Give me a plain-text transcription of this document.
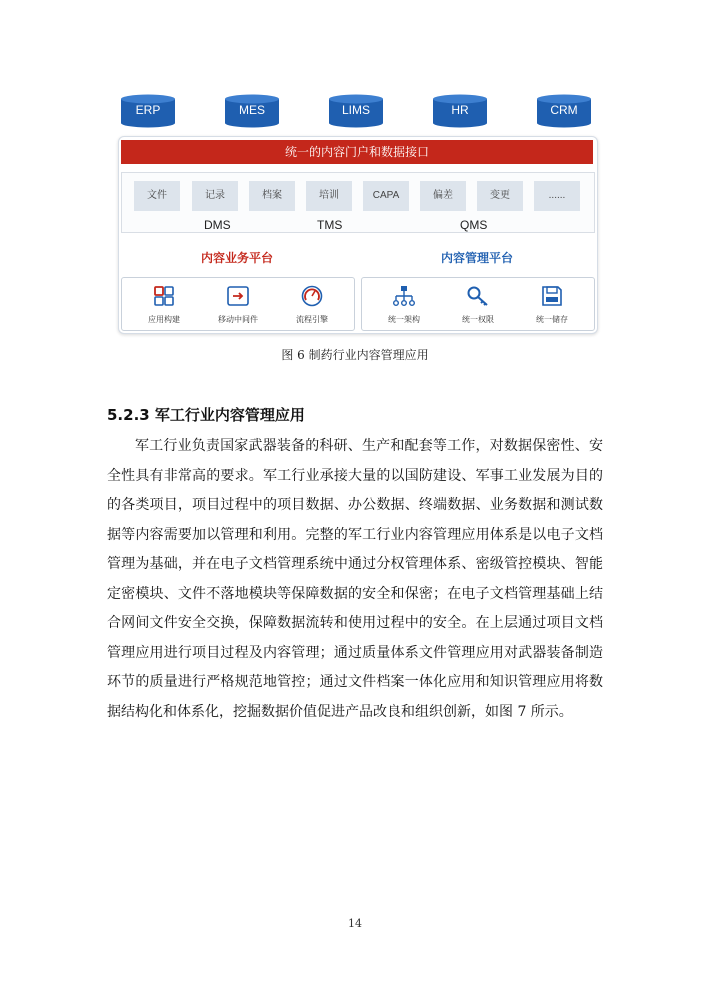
ERP	MES	LIMS	HR	CRM
统一的内容门户和数据接口
文件	记录	档案	培训	CAPA	偏差	变更	......
DMS	TMS	QMS
内容业务平台	内容管理平台
应用构建	移动中间件	流程引擎	统一架构	统一权限	统一储存
图 6 制药行业内容管理应用
5.2.3 军工行业内容管理应用

军工行业负责国家武器装备的科研、生产和配套等工作，对数据保密性、安全性具有非常高的要求。军工行业承接大量的以国防建设、军事工业发展为目的的各类项目，项目过程中的项目数据、办公数据、终端数据、业务数据和测试数据等内容需要加以管理和利用。完整的军工行业内容管理应用体系是以电子文档管理为基础，并在电子文档管理系统中通过分权管理体系、密级管控模块、智能定密模块、文件不落地模块等保障数据的安全和保密；在电子文档管理基础上结合网间文件安全交换，保障数据流转和使用过程中的安全。在上层通过项目文档管理应用进行项目过程及内容管理；通过质量体系文件管理应用对武器装备制造环节的质量进行严格规范地管控；通过文件档案一体化应用和知识管理应用将数据结构化和体系化，挖掘数据价值促进产品改良和组织创新，如图 7 所示。

14
